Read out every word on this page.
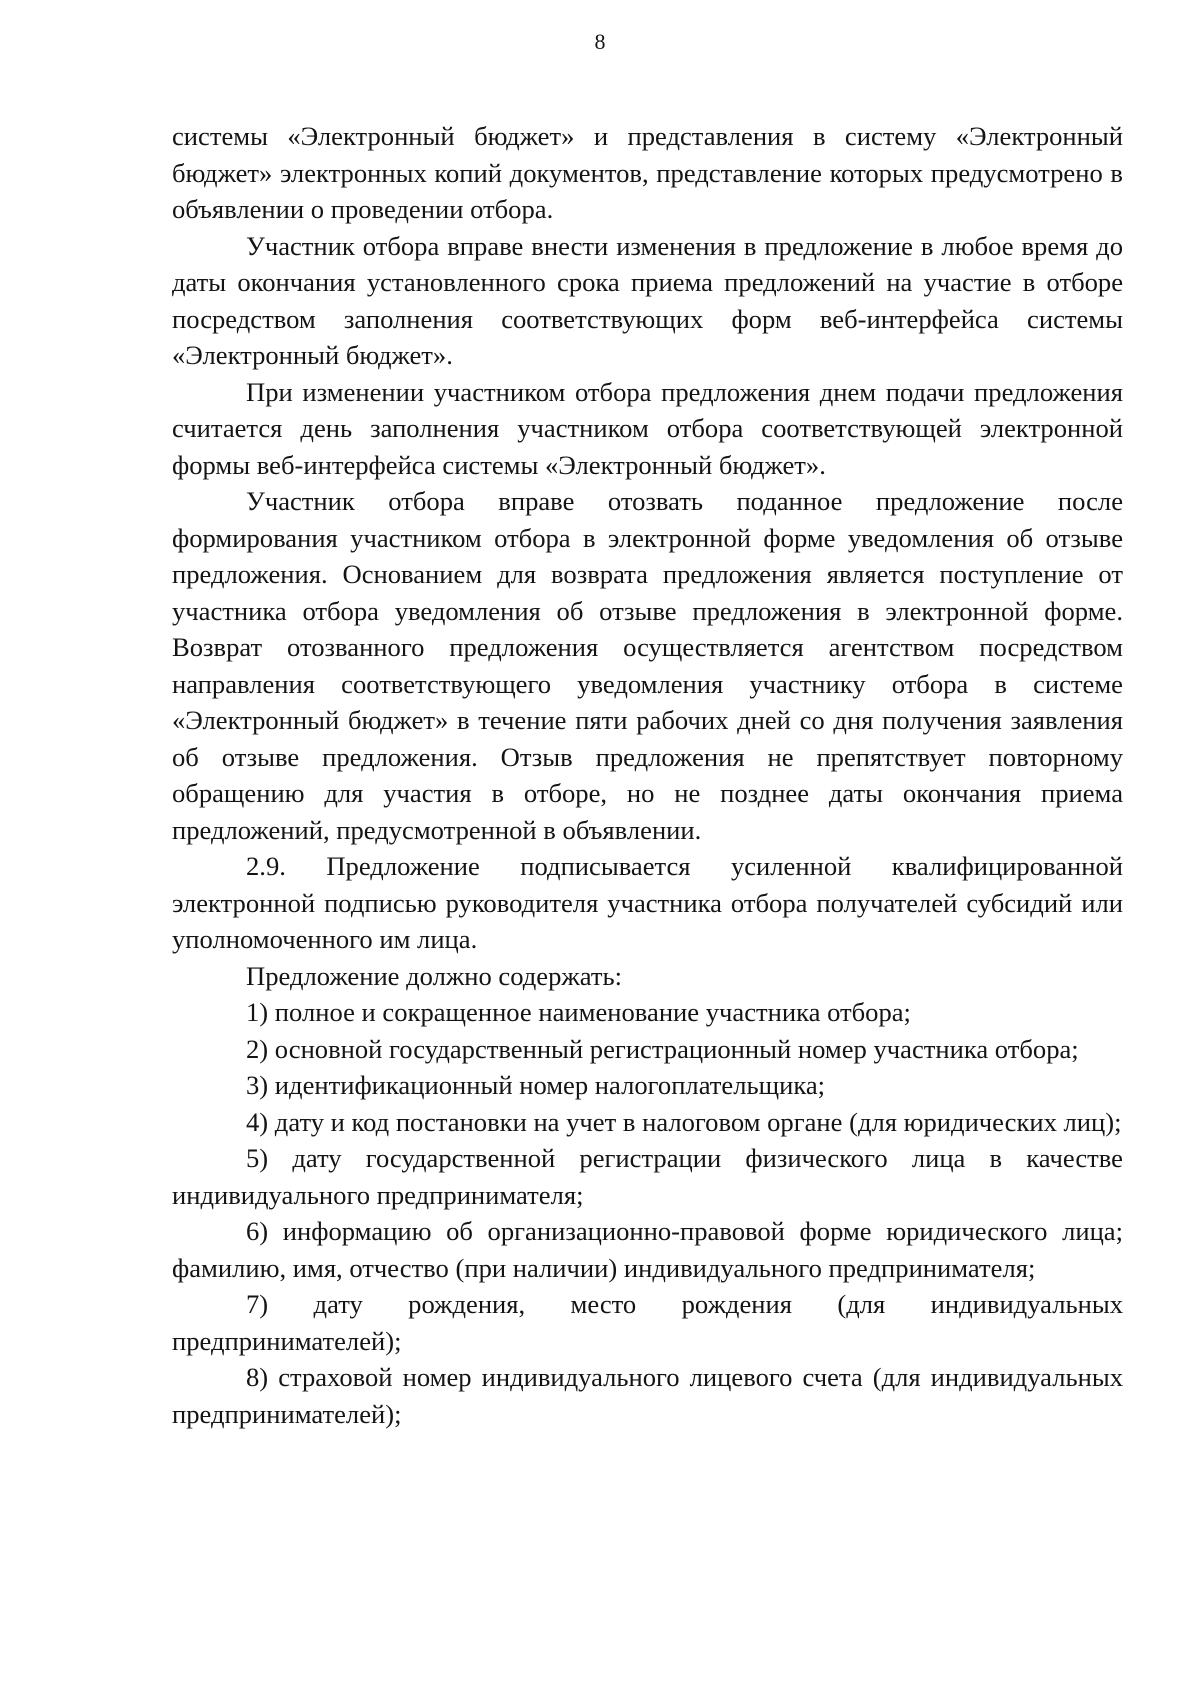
8

системы «Электронный бюджет» и представления в систему «Электронный бюджет» электронных копий документов, представление которых предусмотрено в объявлении о проведении отбора.

Участник отбора вправе внести изменения в предложение в любое время до даты окончания установленного срока приема предложений на участие в отборе посредством заполнения соответствующих форм веб-интерфейса системы «Электронный бюджет».

При изменении участником отбора предложения днем подачи предложения считается день заполнения участником отбора соответствующей электронной формы веб-интерфейса системы «Электронный бюджет».

Участник отбора вправе отозвать поданное предложение после формирования участником отбора в электронной форме уведомления об отзыве предложения. Основанием для возврата предложения является поступление от участника отбора уведомления об отзыве предложения в электронной форме. Возврат отозванного предложения осуществляется агентством посредством направления соответствующего уведомления участнику отбора в системе «Электронный бюджет» в течение пяти рабочих дней со дня получения заявления об отзыве предложения. Отзыв предложения не препятствует повторному обращению для участия в отборе, но не позднее даты окончания приема предложений, предусмотренной в объявлении.

2.9. Предложение подписывается усиленной квалифицированной электронной подписью руководителя участника отбора получателей субсидий или уполномоченного им лица.

Предложение должно содержать:

1) полное и сокращенное наименование участника отбора;

2) основной государственный регистрационный номер участника отбора;

3) идентификационный номер налогоплательщика;

4) дату и код постановки на учет в налоговом органе (для юридических лиц);

5) дату государственной регистрации физического лица в качестве индивидуального предпринимателя;

6) информацию об организационно-правовой форме юридического лица; фамилию, имя, отчество (при наличии) индивидуального предпринимателя;

7) дату рождения, место рождения (для индивидуальных предпринимателей);

8) страховой номер индивидуального лицевого счета (для индивидуальных предпринимателей);
